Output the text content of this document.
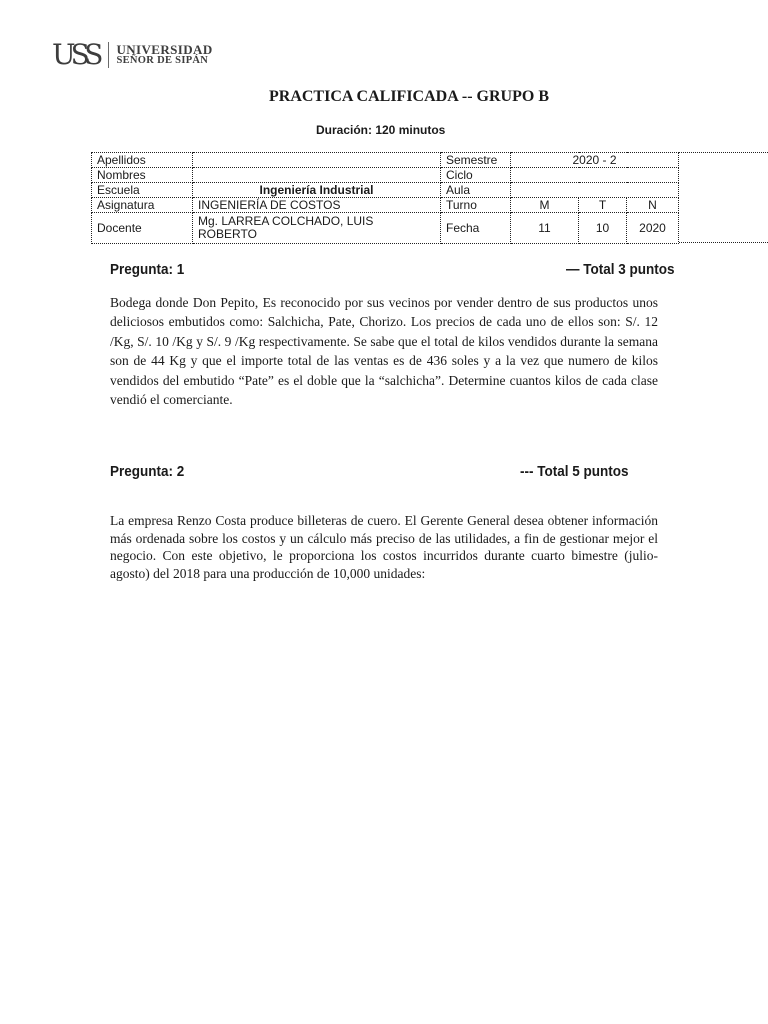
USS UNIVERSIDAD
SEÑOR DE SIPÁN
PRACTICA CALIFICADA -- GRUPO B
Duración: 120 minutos
Apellidos		Semestre	2020 - 2		
Nombres		Ciclo			
Escuela	Ingeniería Industrial	Aula			
Asignatura	INGENIERÍA DE COSTOS	Turno	M	T	N
Docente	Mg. LARREA COLCHADO, LUIS
ROBERTO	Fecha	11	10	2020
Pregunta: 1	— Total 3 puntos
Bodega donde Don Pepito, Es reconocido por sus vecinos por vender dentro de sus productos unos deliciosos embutidos como: Salchicha, Pate, Chorizo. Los precios de cada uno de ellos son: S/. 12 /Kg, S/. 10 /Kg y S/. 9 /Kg respectivamente. Se sabe que el total de kilos vendidos durante la semana son de 44 Kg y que el importe total de las ventas es de 436 soles y a la vez que numero de kilos vendidos del embutido “Pate” es el doble que la “salchicha”. Determine cuantos kilos de cada clase vendió el comerciante.
Pregunta: 2	--- Total 5 puntos
La empresa Renzo Costa produce billeteras de cuero. El Gerente General desea obtener información más ordenada sobre los costos y un cálculo más preciso de las utilidades, a fin de gestionar mejor el negocio. Con este objetivo, le proporciona los costos incurridos durante cuarto bimestre (julio-agosto) del 2018 para una producción de 10,000 unidades:
